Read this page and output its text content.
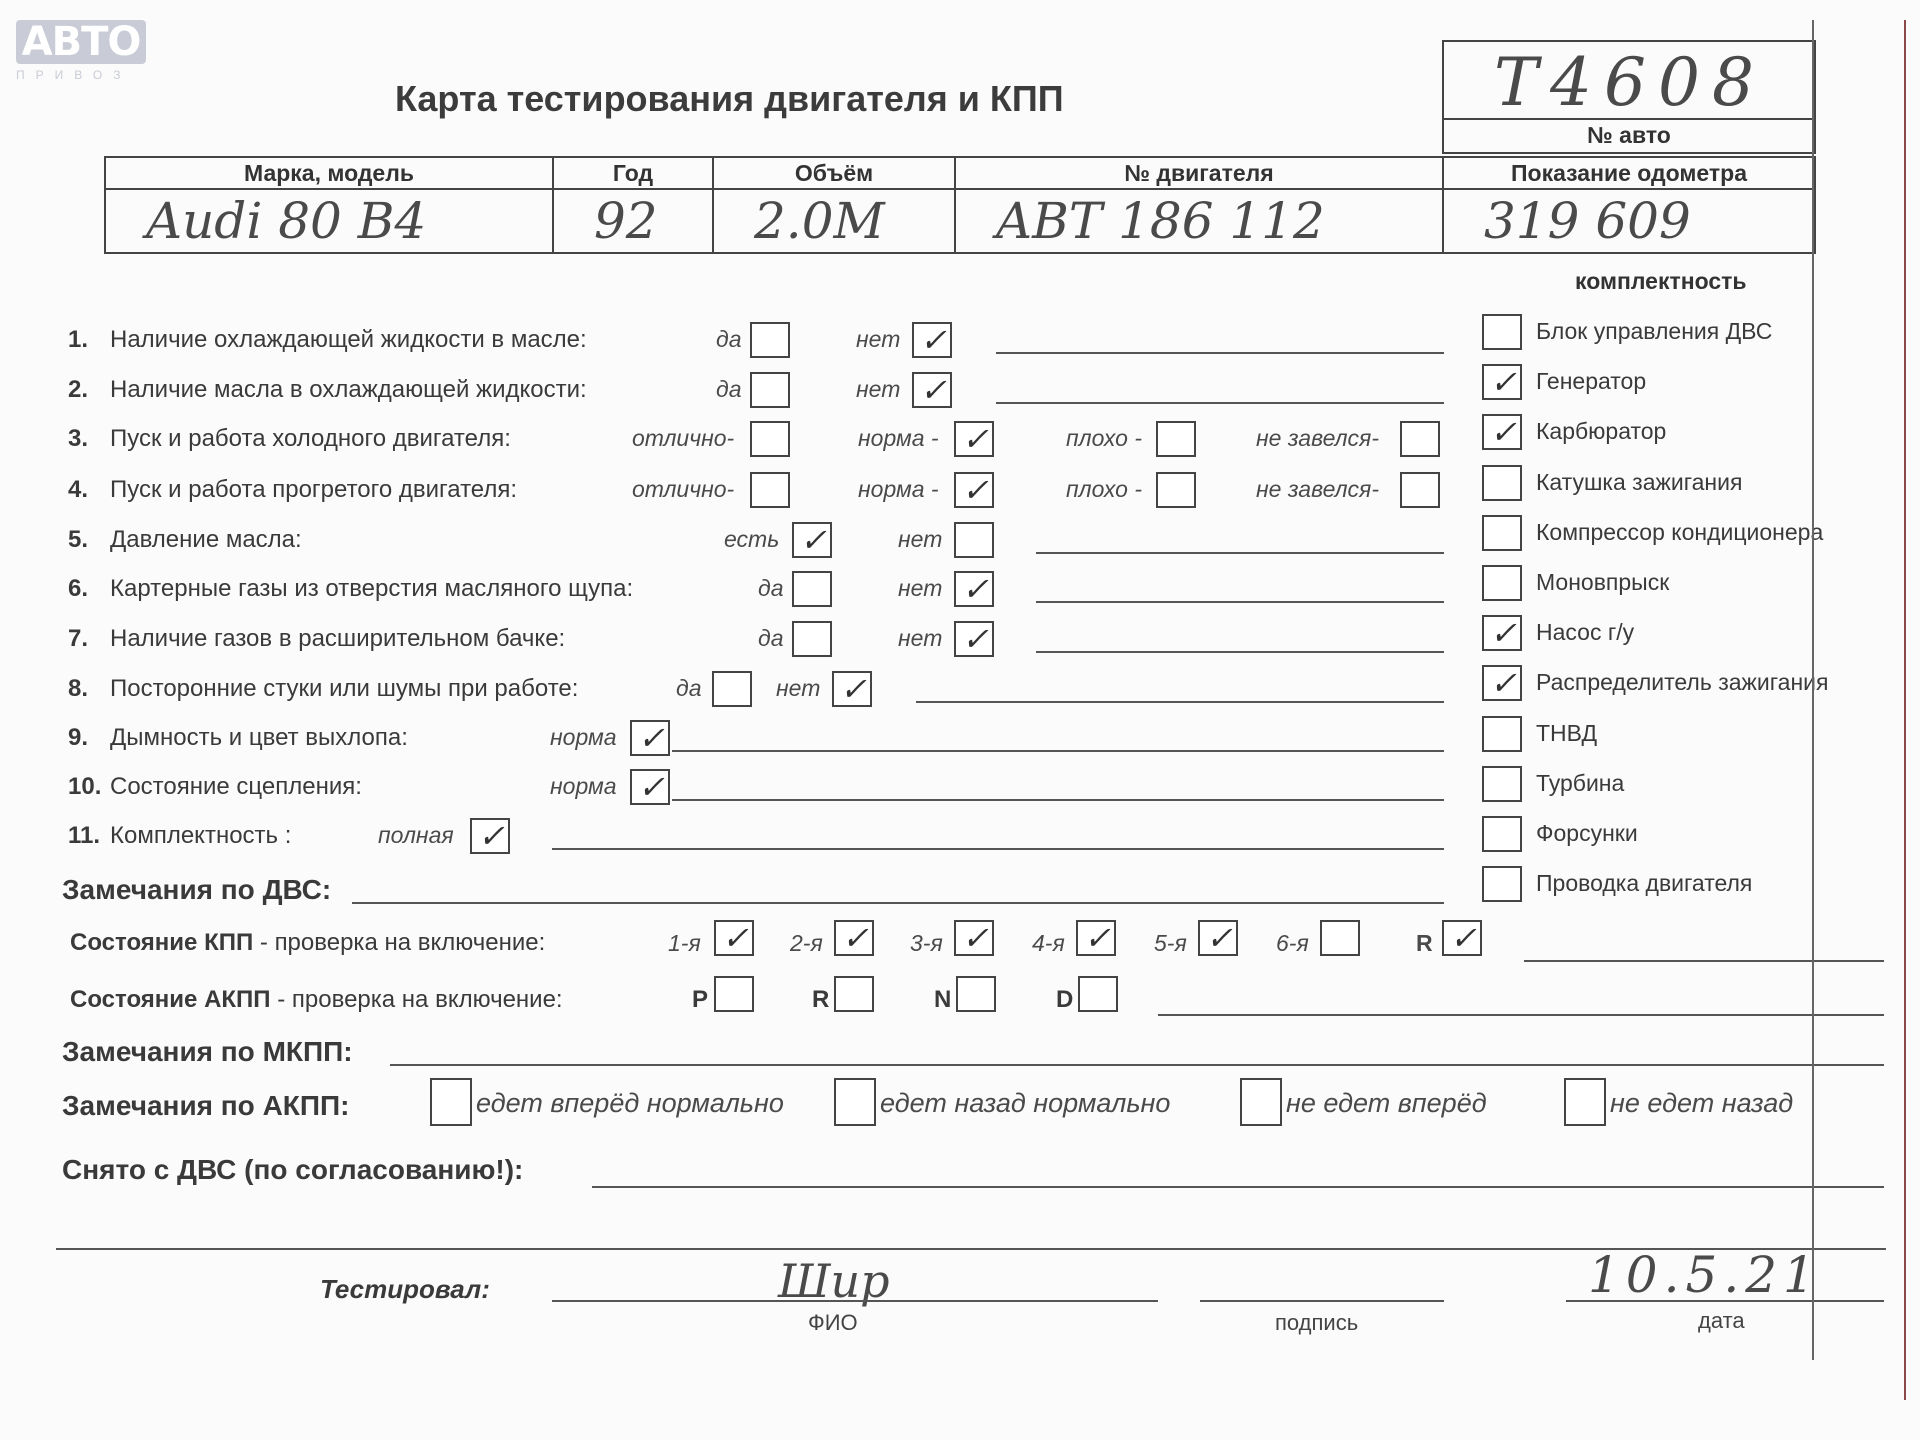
АВТО
ПРИВОЗ
Карта тестирования двигателя и КПП	T4608
№ авто
Марка, модель	Год	Объём	№ двигателя	Показание одометра
Audi 80 B4	92	2.0M	ABT 186 112	319 609
комплектность
Блок управления ДВС
✓ Генератор
✓ Карбюратор
Катушка зажигания
Компрессор кондиционера
Моновпрыск
✓ Насос г/у
✓ Распределитель зажигания
ТНВД
Турбина
Форсунки
Проводка двигателя
1. Наличие охлаждающей жидкости в масле:	да	нет ✓
2. Наличие масла в охлаждающей жидкости:	да	нет ✓
3. Пуск и работа холодного двигателя:	отлично-	норма - ✓	плохо -	не завелся-
4. Пуск и работа прогретого двигателя:	отлично-	норма - ✓	плохо -	не завелся-
5. Давление масла:	есть ✓	нет
6. Картерные газы из отверстия масляного щупа:	да	нет ✓
7. Наличие газов в расширительном бачке:	да	нет ✓
8. Посторонние стуки или шумы при работе:	да	нет ✓
9. Дымность и цвет выхлопа:	норма ✓
10. Состояние сцепления:	норма ✓
11. Комплектность :	полная ✓
Замечания по ДВС:
Состояние КПП - проверка на включение:	1-я ✓ 2-я ✓ 3-я ✓ 4-я ✓ 5-я ✓ 6-я	R ✓
Состояние АКПП - проверка на включение:	P	R	N	D
Замечания по МКПП:
Замечания по АКПП:	едет вперёд нормально	едет назад нормально	не едет вперёд	не едет назад
Снято с ДВС (по согласованию!):
Тестировал:	Шир
ФИО	подпись
10.5.21
дата
